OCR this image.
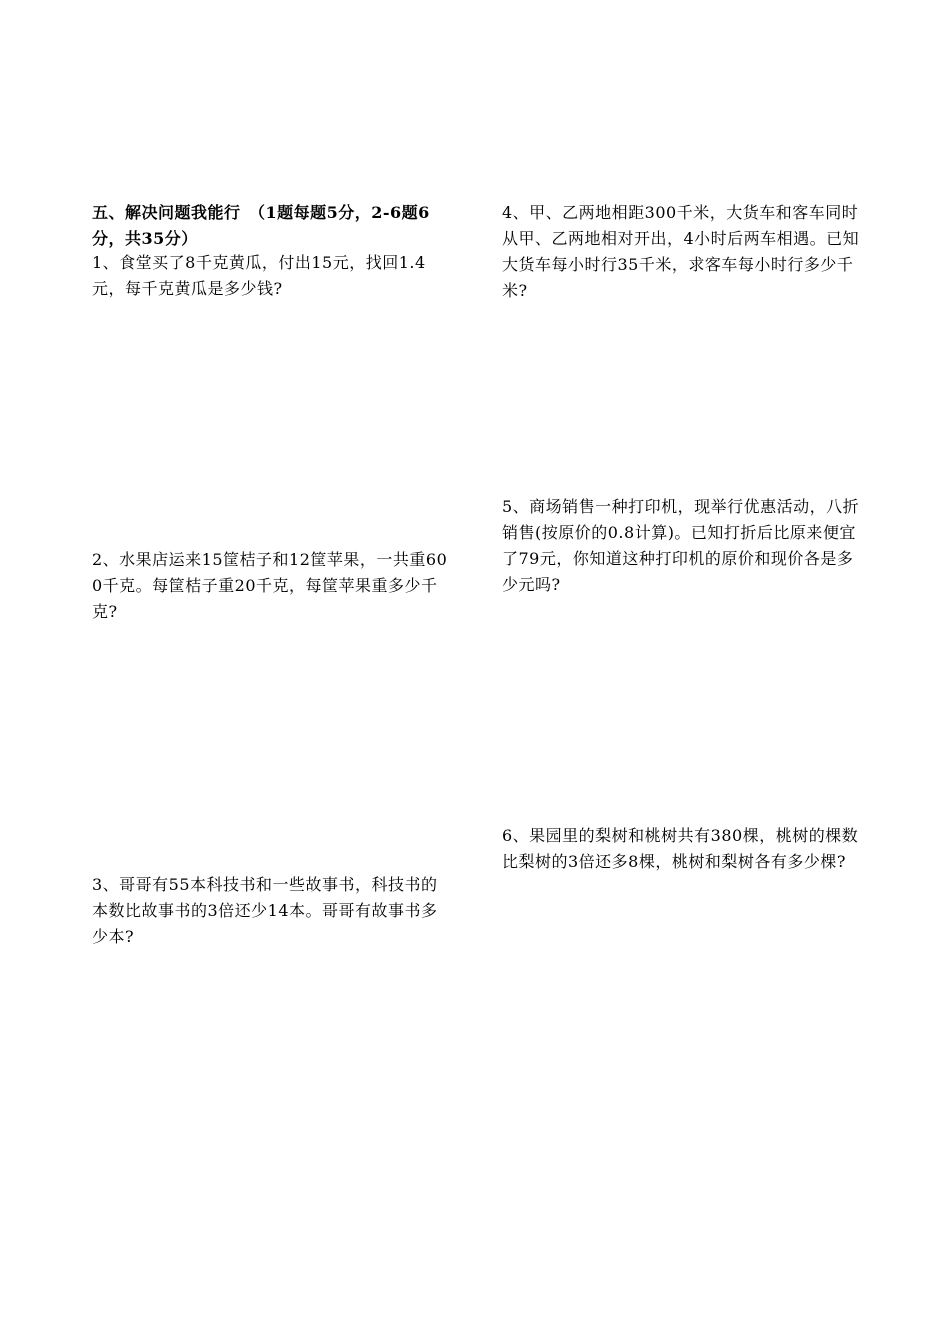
五、解决问题我能行　（1题每题5分，2-6题6分，共35分）
1、食堂买了8千克黄瓜，付出15元，找回1.4元，每千克黄瓜是多少钱?
2、水果店运来15筐桔子和12筐苹果，一共重600千克。每筐桔子重20千克，每筐苹果重多少千克?
3、哥哥有55本科技书和一些故事书，科技书的本数比故事书的3倍还少14本。哥哥有故事书多少本?
4、甲、乙两地相距300千米，大货车和客车同时从甲、乙两地相对开出，4小时后两车相遇。已知大货车每小时行35千米，求客车每小时行多少千米?
5、商场销售一种打印机，现举行优惠活动，八折销售(按原价的0.8计算)。已知打折后比原来便宜了79元，你知道这种打印机的原价和现价各是多少元吗?
6、果园里的梨树和桃树共有380棵，桃树的棵数比梨树的3倍还多8棵，桃树和梨树各有多少棵?
